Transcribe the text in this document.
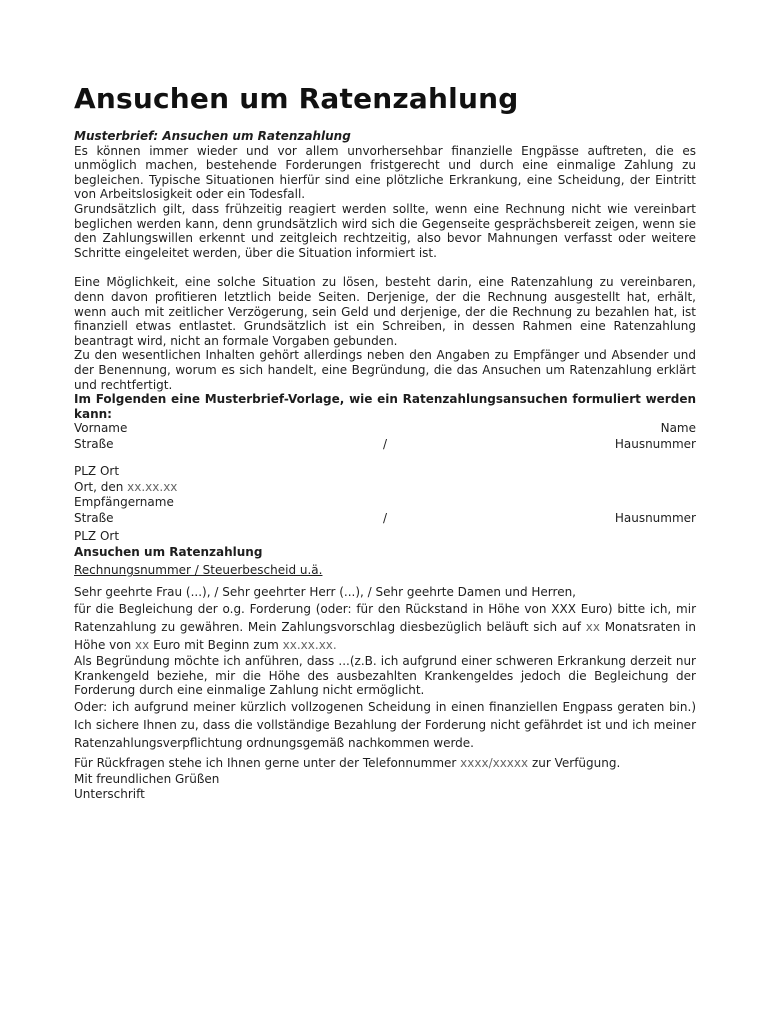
Ansuchen um Ratenzahlung

Musterbrief: Ansuchen um Ratenzahlung

Es können immer wieder und vor allem unvorhersehbar finanzielle Engpässe auftreten, die es unmöglich machen, bestehende Forderungen fristgerecht und durch eine einmalige Zahlung zu begleichen. Typische Situationen hierfür sind eine plötzliche Erkrankung, eine Scheidung, der Eintritt von Arbeitslosigkeit oder ein Todesfall.

Grundsätzlich gilt, dass frühzeitig reagiert werden sollte, wenn eine Rechnung nicht wie vereinbart beglichen werden kann, denn grundsätzlich wird sich die Gegenseite gesprächsbereit zeigen, wenn sie den Zahlungswillen erkennt und zeitgleich rechtzeitig, also bevor Mahnungen verfasst oder weitere Schritte eingeleitet werden, über die Situation informiert ist.

Eine Möglichkeit, eine solche Situation zu lösen, besteht darin, eine Ratenzahlung zu vereinbaren, denn davon profitieren letztlich beide Seiten. Derjenige, der die Rechnung ausgestellt hat, erhält, wenn auch mit zeitlicher Verzögerung, sein Geld und derjenige, der die Rechnung zu bezahlen hat, ist finanziell etwas entlastet. Grundsätzlich ist ein Schreiben, in dessen Rahmen eine Ratenzahlung beantragt wird, nicht an formale Vorgaben gebunden.

Zu den wesentlichen Inhalten gehört allerdings neben den Angaben zu Empfänger und Absender und der Benennung, worum es sich handelt, eine Begründung, die das Ansuchen um Ratenzahlung erklärt und rechtfertigt.

Im Folgenden eine Musterbrief-Vorlage, wie ein Ratenzahlungsansuchen formuliert werden kann:

Vorname	Name
Straße	/	Hausnummer

PLZ Ort

Ort, den xx.xx.xx

Empfängername

Straße	/	Hausnummer

PLZ Ort

Ansuchen um Ratenzahlung

Rechnungsnummer / Steuerbescheid u.ä.

Sehr geehrte Frau (...), / Sehr geehrter Herr (...), / Sehr geehrte Damen und Herren,

für die Begleichung der o.g. Forderung (oder: für den Rückstand in Höhe von XXX Euro) bitte ich, mir Ratenzahlung zu gewähren. Mein Zahlungsvorschlag diesbezüglich beläuft sich auf xx Monatsraten in Höhe von xx Euro mit Beginn zum xx.xx.xx.

Als Begründung möchte ich anführen, dass ...(z.B. ich aufgrund einer schweren Erkrankung derzeit nur Krankengeld beziehe, mir die Höhe des ausbezahlten Krankengeldes jedoch die Begleichung der Forderung durch eine einmalige Zahlung nicht ermöglicht.

Oder: ich aufgrund meiner kürzlich vollzogenen Scheidung in einen finanziellen Engpass geraten bin.) Ich sichere Ihnen zu, dass die vollständige Bezahlung der Forderung nicht gefährdet ist und ich meiner Ratenzahlungsverpflichtung ordnungsgemäß nachkommen werde.

Für Rückfragen stehe ich Ihnen gerne unter der Telefonnummer xxxx/xxxxx zur Verfügung.

Mit freundlichen Grüßen

Unterschrift
